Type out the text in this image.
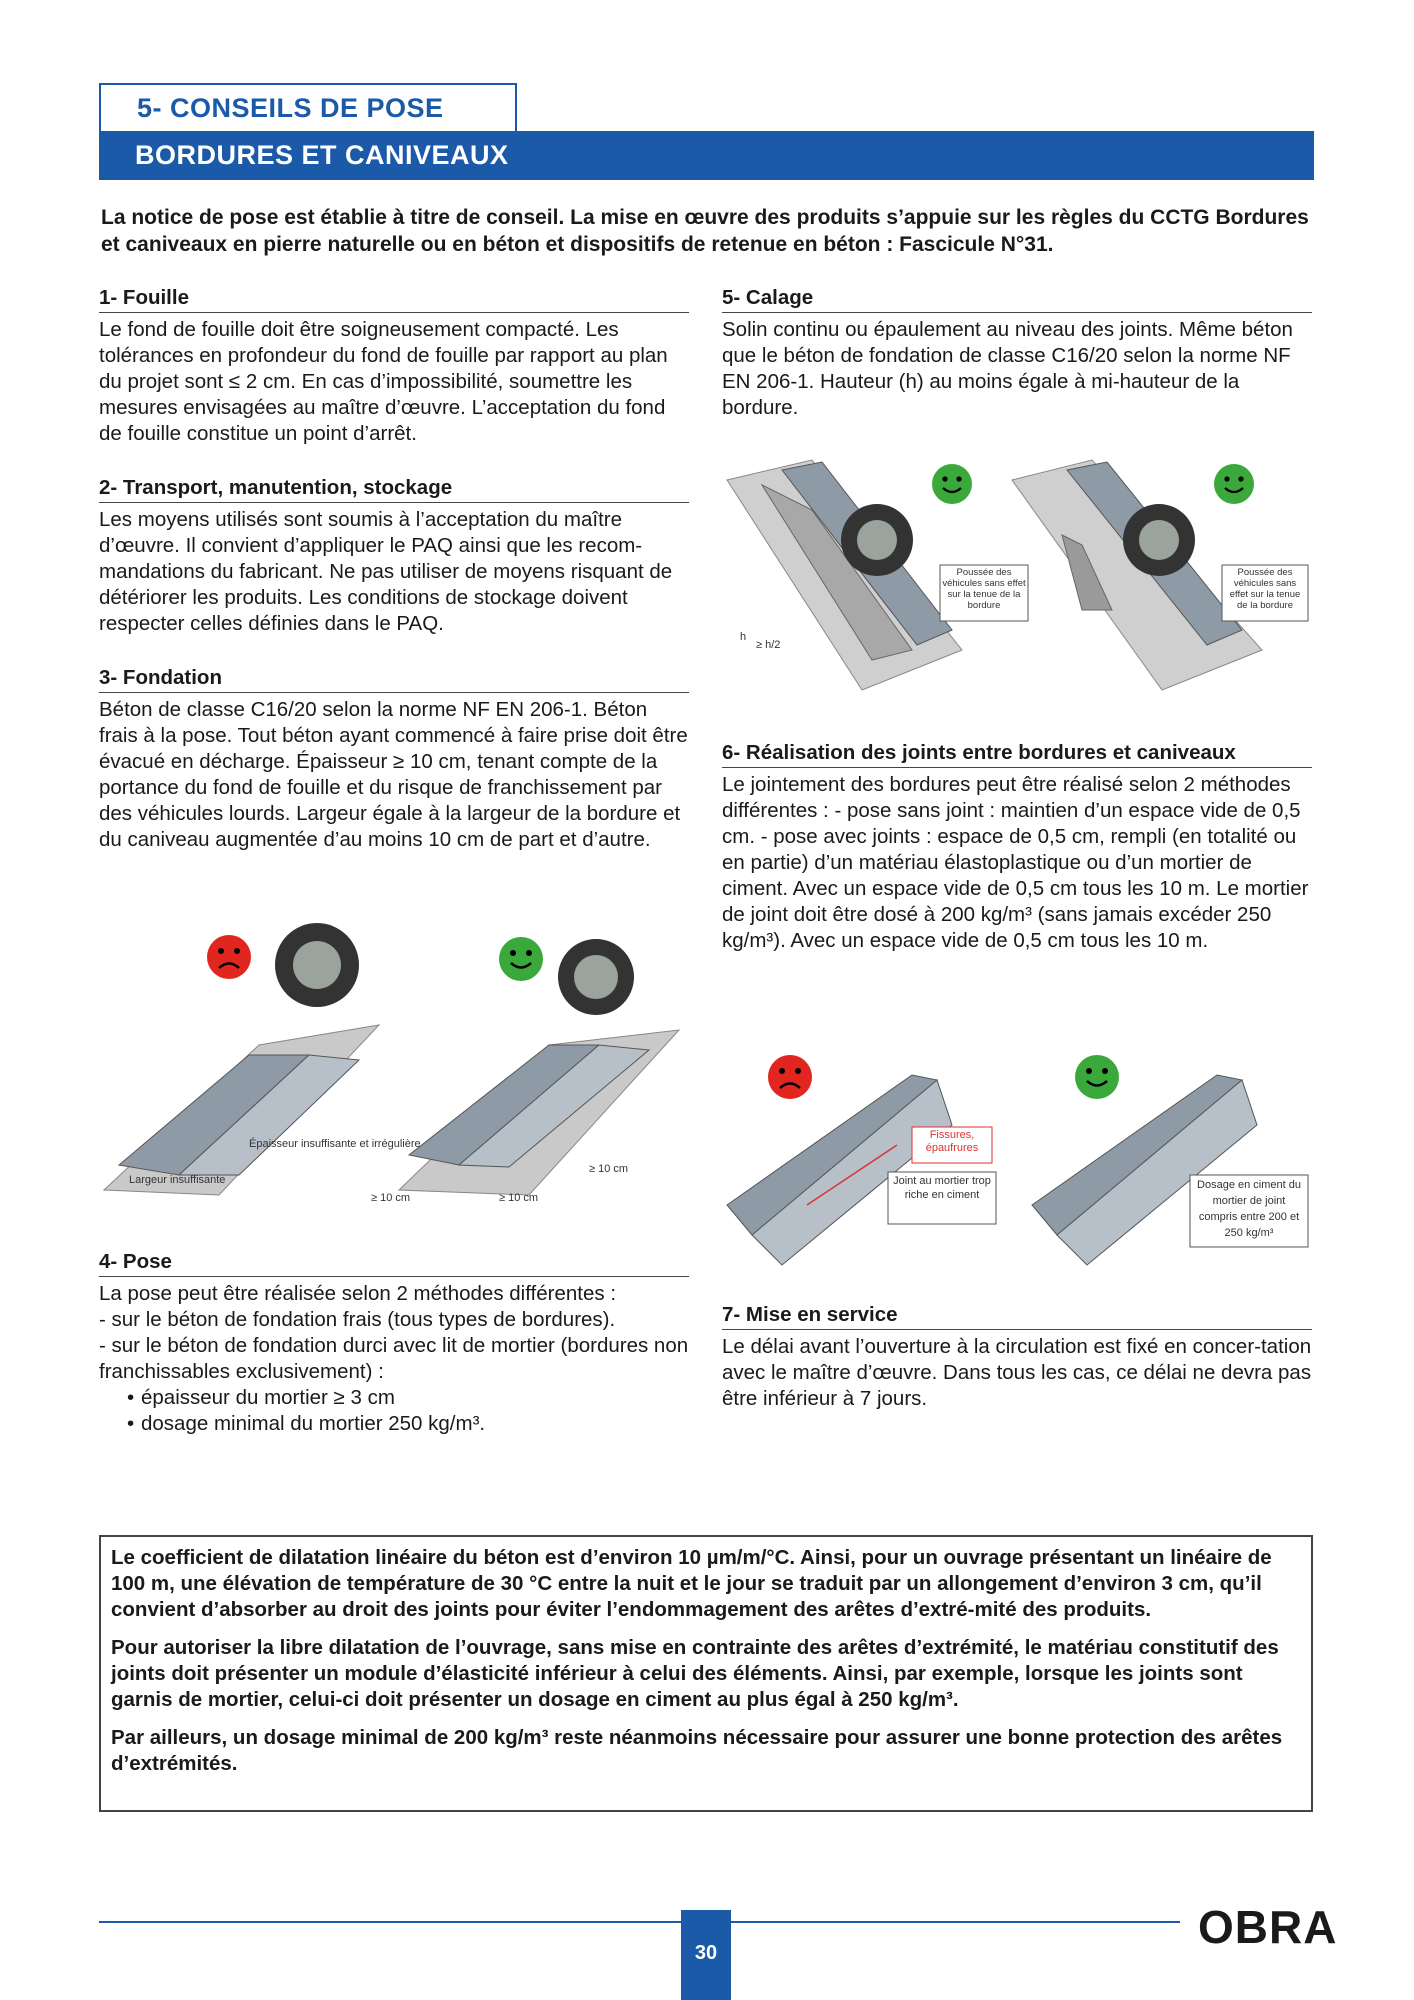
5- CONSEILS DE POSE
BORDURES ET CANIVEAUX
La notice de pose est établie à titre de conseil. La mise en œuvre des produits s’appuie sur les règles du CCTG Bordures et caniveaux en pierre naturelle ou en béton et dispositifs de retenue en béton : Fascicule N°31.
1- Fouille
Le fond de fouille doit être soigneusement compacté. Les tolérances en profondeur du fond de fouille par rapport au plan du projet sont ≤ 2 cm. En cas d’impossibilité, soumettre les mesures envisagées au maître d’œuvre. L’acceptation du fond de fouille constitue un point d’arrêt.
2- Transport, manutention, stockage
Les moyens utilisés sont soumis à l’acceptation du maître d’œuvre. Il convient d’appliquer le PAQ ainsi que les recom-mandations du fabricant. Ne pas utiliser de moyens risquant de détériorer les produits. Les conditions de stockage doivent respecter celles définies dans le PAQ.
3- Fondation
Béton de classe C16/20 selon la norme NF EN 206-1. Béton frais à la pose. Tout béton ayant commencé à faire prise doit être évacué en décharge. Épaisseur ≥ 10 cm, tenant compte de la portance du fond de fouille et du risque de franchissement par des véhicules lourds. Largeur égale à la largeur de la bordure et du caniveau augmentée d’au moins 10 cm de part et d’autre.
Largeur insuffisante
Épaisseur insuffisante et irrégulière
≥ 10 cm	≥ 10 cm
≥ 10 cm
4- Pose
La pose peut être réalisée selon 2 méthodes différentes :
- sur le béton de fondation frais (tous types de bordures).
- sur le béton de fondation durci avec lit de mortier (bordures non franchissables exclusivement) :
• épaisseur du mortier ≥ 3 cm
• dosage minimal du mortier 250 kg/m³.
5- Calage
Solin continu ou épaulement au niveau des joints. Même béton que le béton de fondation de classe C16/20 selon la norme NF EN 206-1. Hauteur (h) au moins égale à mi-hauteur de la bordure.
Poussée des véhicules sans effet sur la tenue de la bordure
h
≥ h/2
Poussée des véhicules sans effet sur la tenue de la bordure
6- Réalisation des joints entre bordures et caniveaux
Le jointement des bordures peut être réalisé selon 2 méthodes différentes : - pose sans joint : maintien d’un espace vide de 0,5 cm. - pose avec joints : espace de 0,5 cm, rempli (en totalité ou en partie) d’un matériau élastoplastique ou d’un mortier de ciment. Avec un espace vide de 0,5 cm tous les 10 m. Le mortier de joint doit être dosé à 200 kg/m³ (sans jamais excéder 250 kg/m³). Avec un espace vide de 0,5 cm tous les 10 m.
Fissures, épaufrures
Joint au mortier trop riche en ciment
Dosage en ciment du mortier de joint compris entre 200 et 250 kg/m³
7- Mise en service
Le délai avant l’ouverture à la circulation est fixé en concer-tation avec le maître d’œuvre. Dans tous les cas, ce délai ne devra pas être inférieur à 7 jours.

Le coefficient de dilatation linéaire du béton est d’environ 10 µm/m/°C. Ainsi, pour un ouvrage présentant un linéaire de 100 m, une élévation de température de 30 °C entre la nuit et le jour se traduit par un allongement d’environ 3 cm, qu’il convient d’absorber au droit des joints pour éviter l’endommagement des arêtes d’extré-mité des produits.

Pour autoriser la libre dilatation de l’ouvrage, sans mise en contrainte des arêtes d’extrémité, le matériau constitutif des joints doit présenter un module d’élasticité inférieur à celui des éléments. Ainsi, par exemple, lorsque les joints sont garnis de mortier, celui-ci doit présenter un dosage en ciment au plus égal à 250 kg/m³.

Par ailleurs, un dosage minimal de 200 kg/m³ reste néanmoins nécessaire pour assurer une bonne protection des arêtes d’extrémités.

30	OBRA
